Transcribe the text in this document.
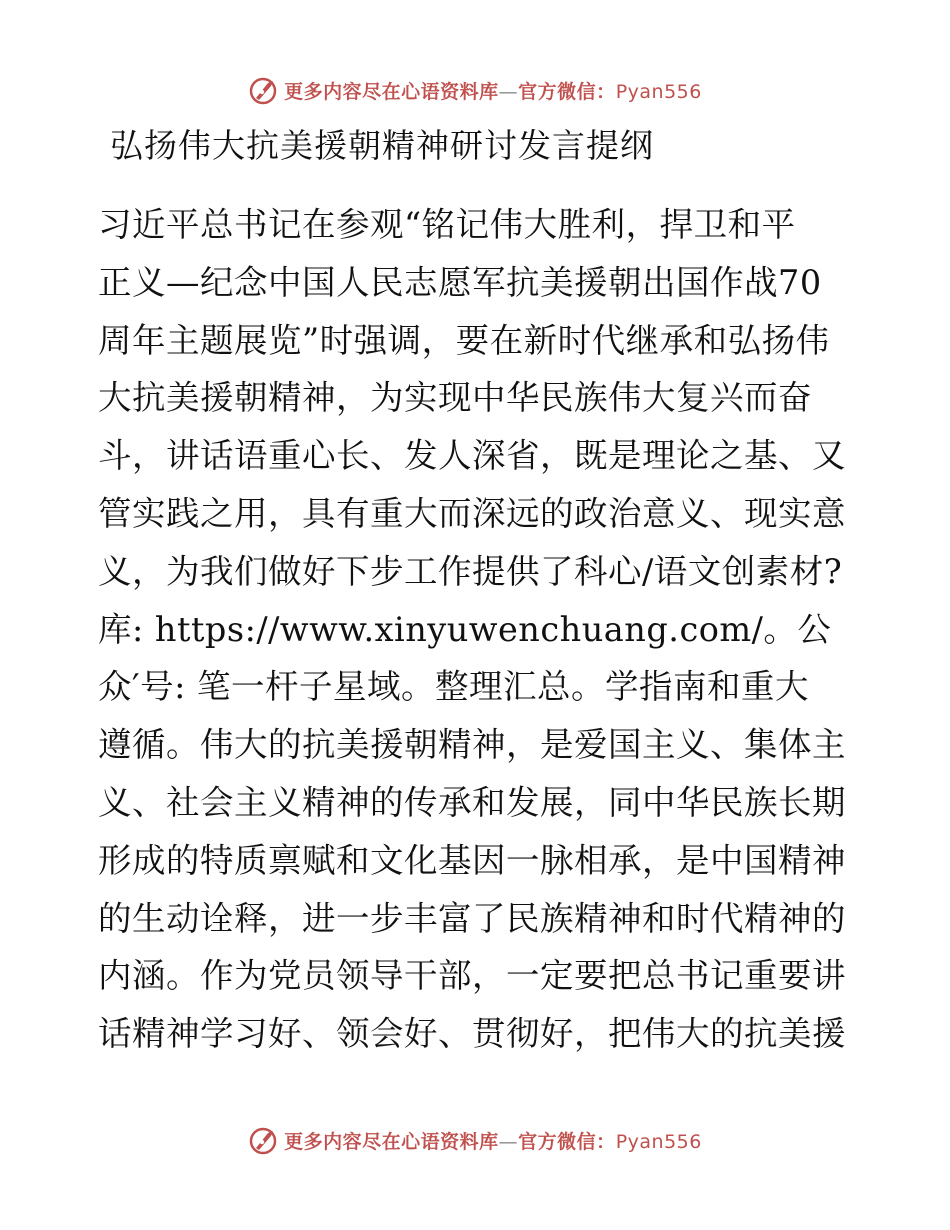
更多内容尽在心语资料库—官方微信：Pyan556
弘扬伟大抗美援朝精神研讨发言提纲
习近平总书记在参观“铭记伟大胜利，捍卫和平
正义—纪念中国人民志愿军抗美援朝出国作战70
周年主题展览”时强调，要在新时代继承和弘扬伟
大抗美援朝精神，为实现中华民族伟大复兴而奋
斗，讲话语重心长、发人深省，既是理论之基、又
管实践之用，具有重大而深远的政治意义、现实意
义，为我们做好下步工作提供了科心/语文创素材?
库: https://www.xinyuwenchuang.com/。公
众′号: 笔一杆子星域。整理汇总。学指南和重大
遵循。伟大的抗美援朝精神，是爱国主义、集体主
义、社会主义精神的传承和发展，同中华民族长期
形成的特质禀赋和文化基因一脉相承，是中国精神
的生动诠释，进一步丰富了民族精神和时代精神的
内涵。作为党员领导干部，一定要把总书记重要讲
话精神学习好、领会好、贯彻好，把伟大的抗美援
更多内容尽在心语资料库—官方微信：Pyan556
